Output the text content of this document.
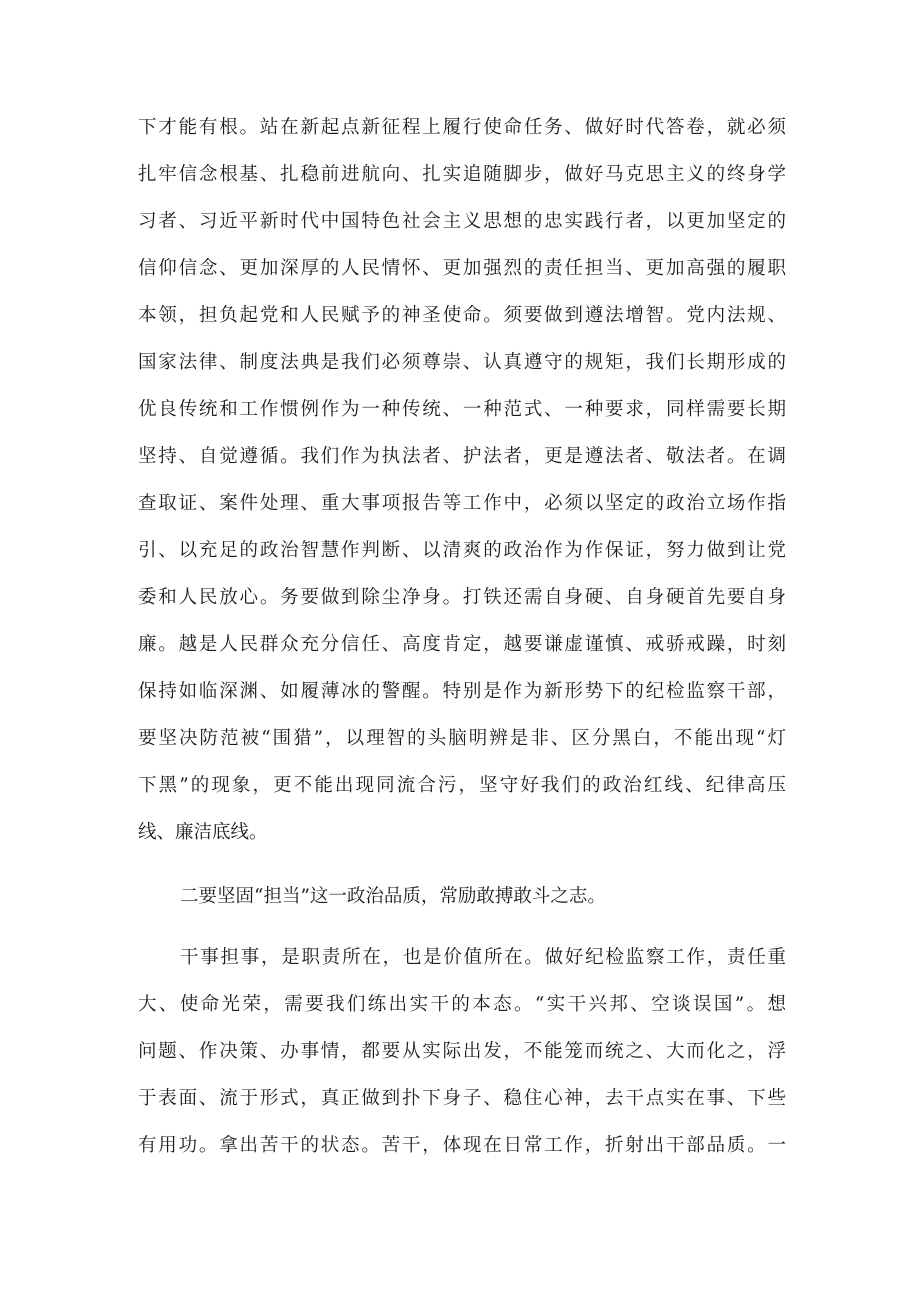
下才能有根。站在新起点新征程上履行使命任务、做好时代答卷，就必须
扎牢信念根基、扎稳前进航向、扎实追随脚步，做好马克思主义的终身学
习者、习近平新时代中国特色社会主义思想的忠实践行者，以更加坚定的
信仰信念、更加深厚的人民情怀、更加强烈的责任担当、更加高强的履职
本领，担负起党和人民赋予的神圣使命。须要做到遵法增智。党内法规、
国家法律、制度法典是我们必须尊崇、认真遵守的规矩，我们长期形成的
优良传统和工作惯例作为一种传统、一种范式、一种要求，同样需要长期
坚持、自觉遵循。我们作为执法者、护法者，更是遵法者、敬法者。在调
查取证、案件处理、重大事项报告等工作中，必须以坚定的政治立场作指
引、以充足的政治智慧作判断、以清爽的政治作为作保证，努力做到让党
委和人民放心。务要做到除尘净身。打铁还需自身硬、自身硬首先要自身
廉。越是人民群众充分信任、高度肯定，越要谦虚谨慎、戒骄戒躁，时刻
保持如临深渊、如履薄冰的警醒。特别是作为新形势下的纪检监察干部，
要坚决防范被“围猎”，以理智的头脑明辨是非、区分黑白，不能出现“灯
下黑”的现象，更不能出现同流合污，坚守好我们的政治红线、纪律高压
线、廉洁底线。
二要坚固“担当”这一政治品质，常励敢搏敢斗之志。
干事担事，是职责所在，也是价值所在。做好纪检监察工作，责任重
大、使命光荣，需要我们练出实干的本态。“实干兴邦、空谈误国”。想
问题、作决策、办事情，都要从实际出发，不能笼而统之、大而化之，浮
于表面、流于形式，真正做到扑下身子、稳住心神，去干点实在事、下些
有用功。拿出苦干的状态。苦干，体现在日常工作，折射出干部品质。一
